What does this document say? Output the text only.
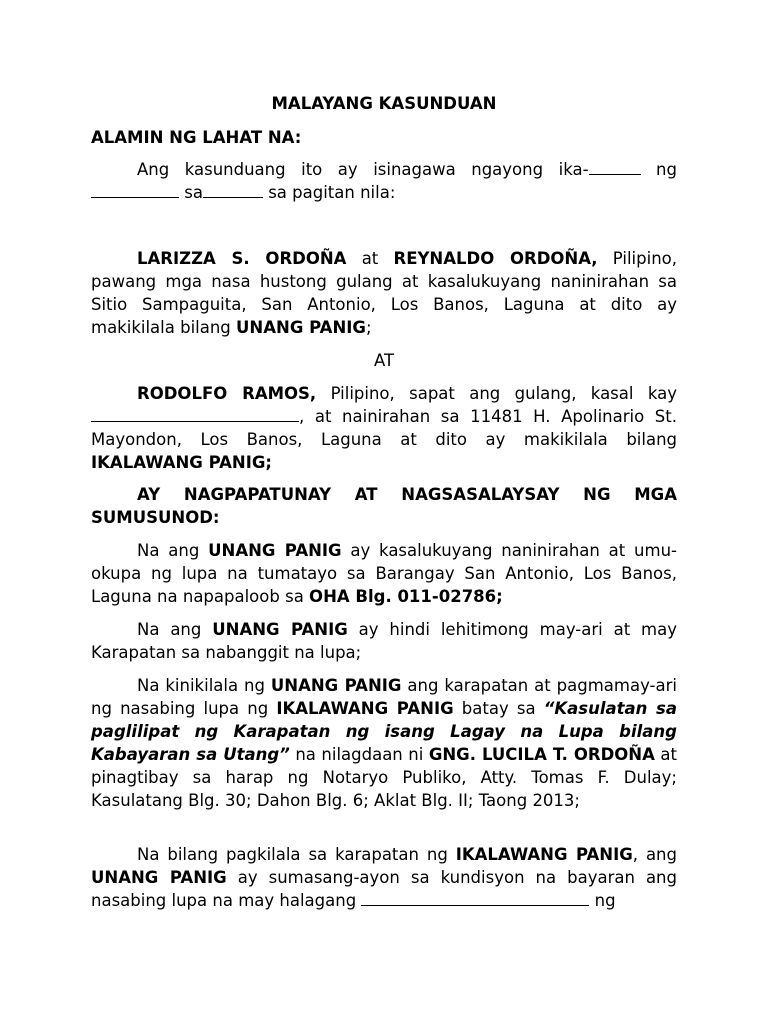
MALAYANG KASUNDUAN
ALAMIN NG LAHAT NA:
Ang kasunduang ito ay isinagawa ngayong ika-	ng  sa	sa pagitan nila:
LARIZZA S. ORDOÑA at REYNALDO ORDOÑA, Pilipino, pawang mga nasa hustong gulang at kasalukuyang naninirahan sa Sitio Sampaguita, San Antonio, Los Banos, Laguna at dito ay makikilala bilang UNANG PANIG;
AT
RODOLFO RAMOS, Pilipino, sapat ang gulang, kasal kay, at nainirahan sa 11481 H. Apolinario St. Mayondon, Los Banos, Laguna at dito ay makikilala bilang IKALAWANG PANIG;
AY NAGPAPATUNAY AT NAGSASALAYSAY NG MGA SUMUSUNOD:
Na ang UNANG PANIG ay kasalukuyang naninirahan at umu-okupa ng lupa na tumatayo sa Barangay San Antonio, Los Banos, Laguna na napapaloob sa OHA Blg. 011-02786;
Na ang UNANG PANIG ay hindi lehitimong may-ari at may Karapatan sa nabanggit na lupa;
Na kinikilala ng UNANG PANIG ang karapatan at pagmamay-ari ng nasabing lupa ng IKALAWANG PANIG batay sa “Kasulatan sa paglilipat ng Karapatan ng isang Lagay na Lupa bilang Kabayaran sa Utang” na nilagdaan ni GNG. LUCILA T. ORDOÑA at pinagtibay sa harap ng Notaryo Publiko, Atty. Tomas F. Dulay; Kasulatang Blg. 30; Dahon Blg. 6; Aklat Blg. II; Taong 2013;
Na bilang pagkilala sa karapatan ng IKALAWANG PANIG, ang UNANG PANIG ay sumasang-ayon sa kundisyon na bayaran ang nasabing lupa na may halagang	ng
